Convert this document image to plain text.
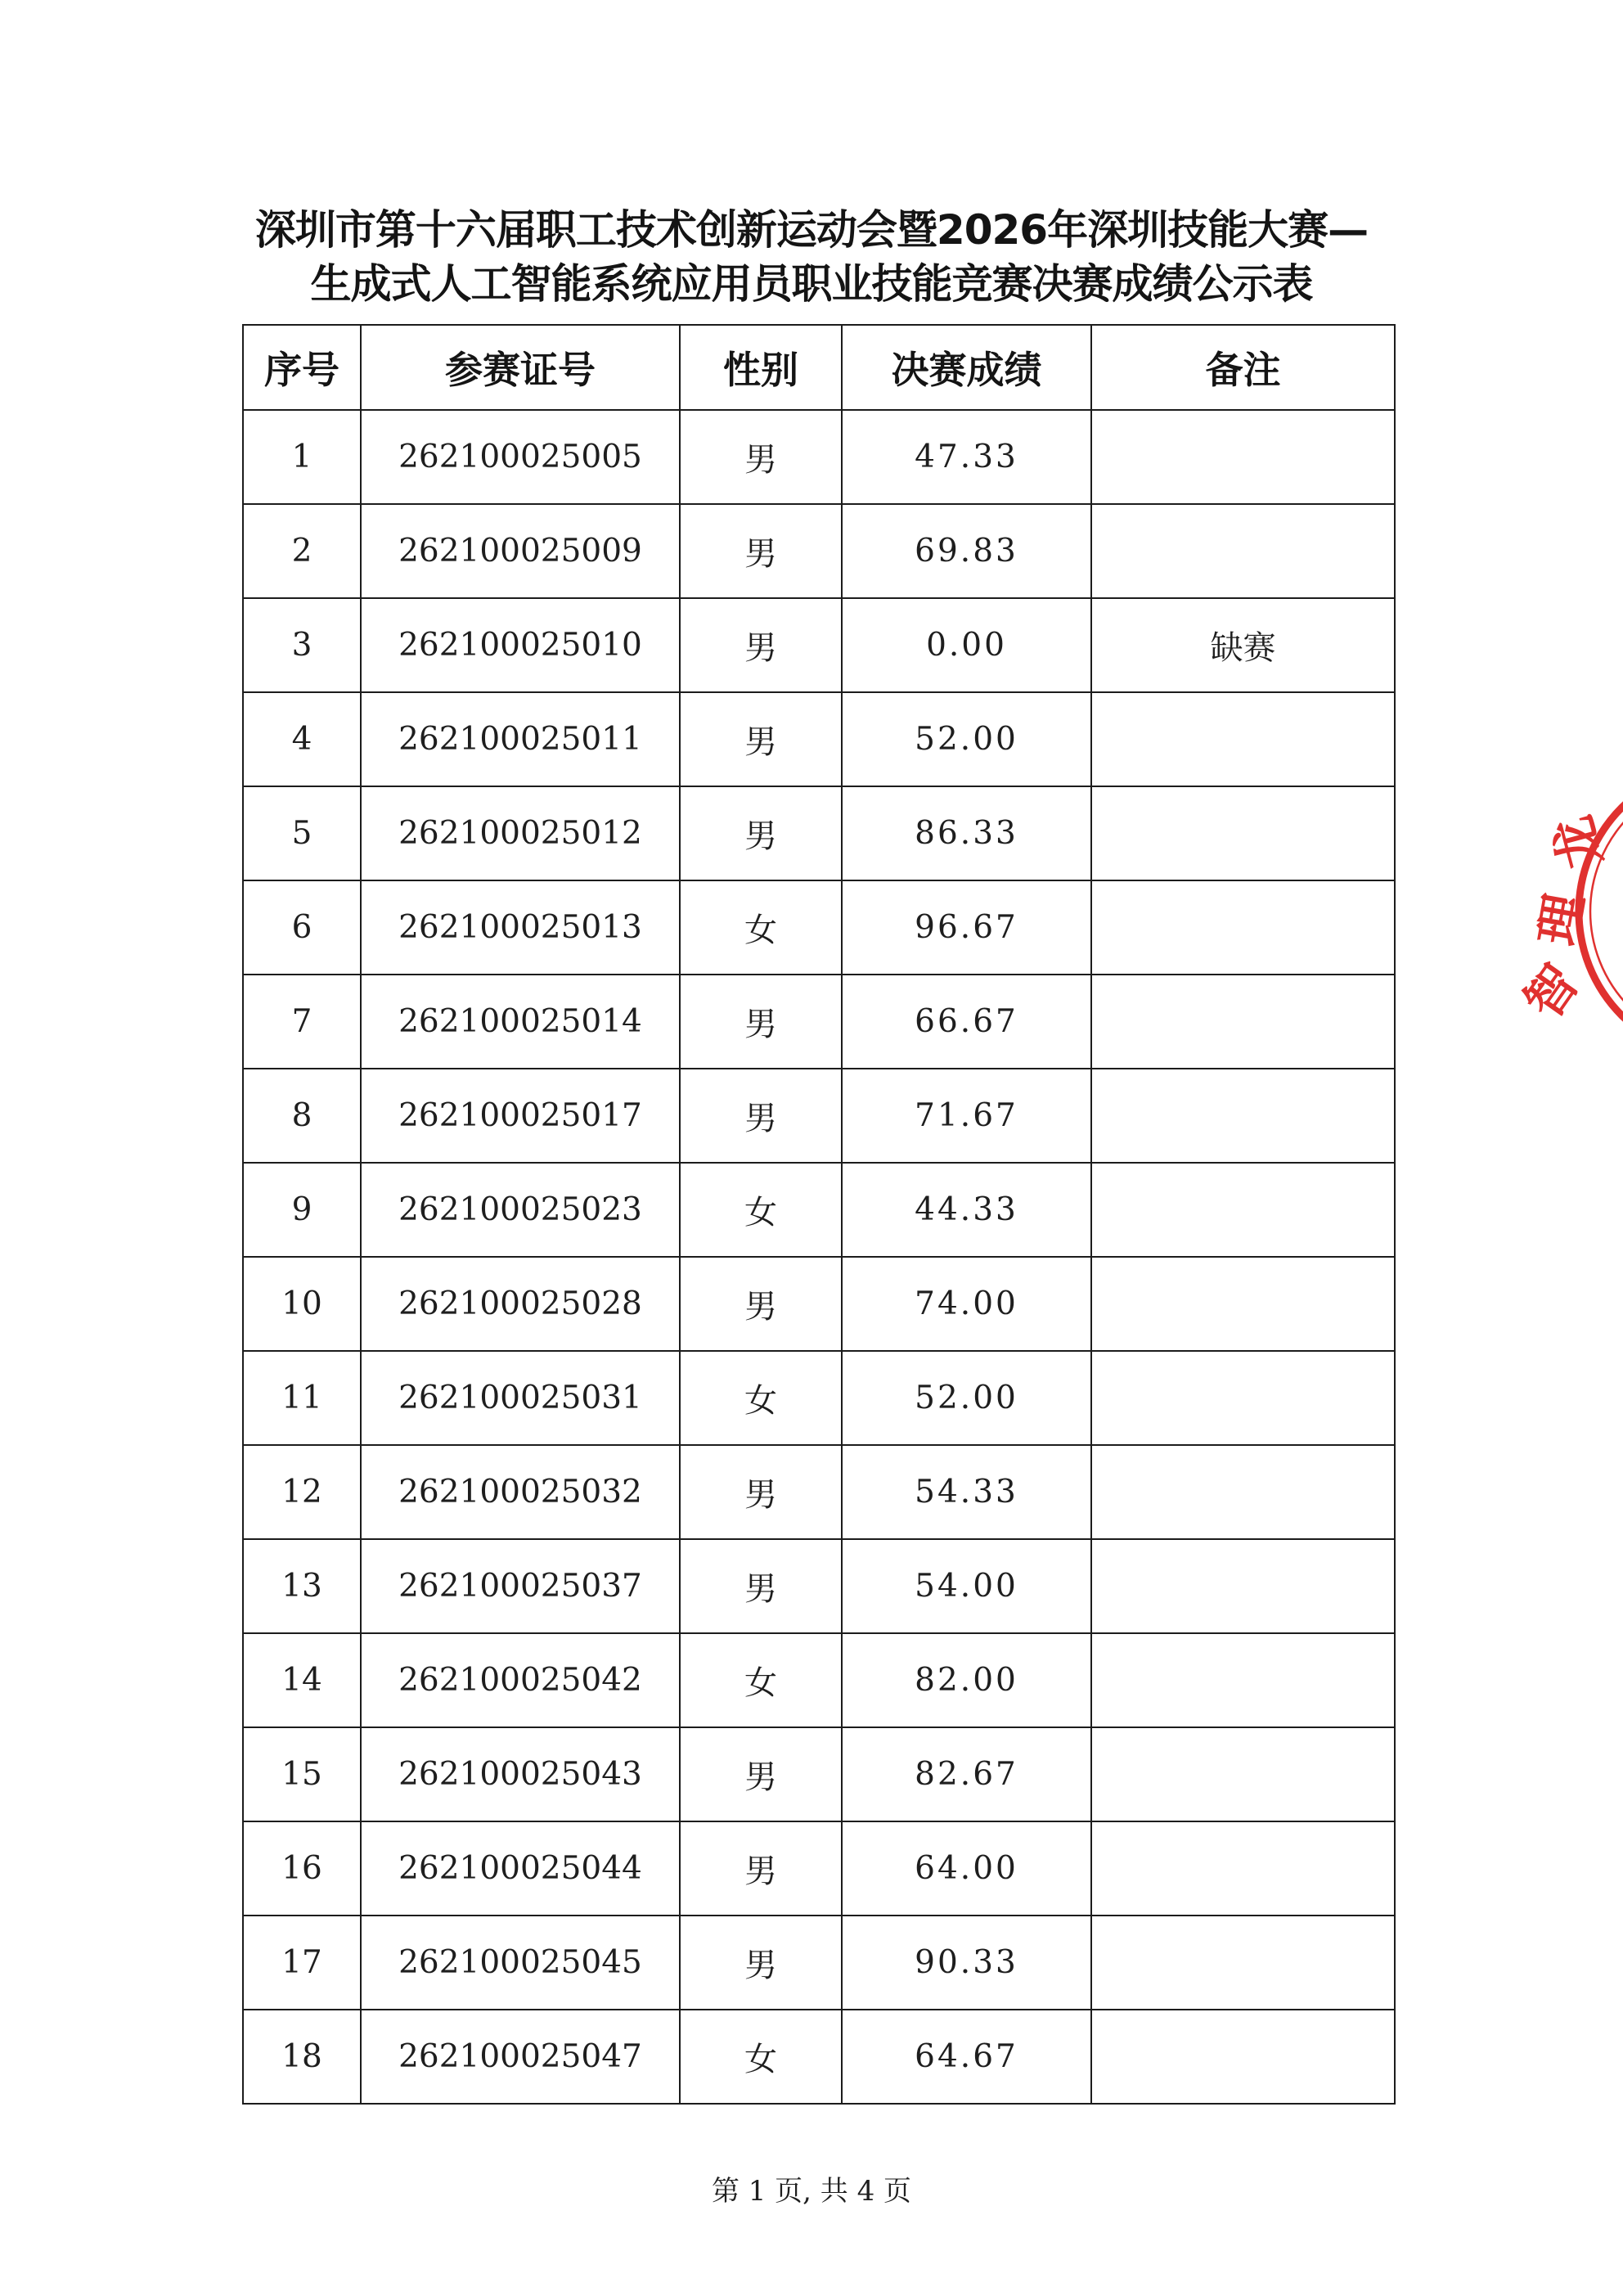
深圳市第十六届职工技术创新运动会暨2026年深圳技能大赛—
生成式人工智能系统应用员职业技能竞赛决赛成绩公示表
序号	参赛证号	性别	决赛成绩	备注
1	262100025005	男	47.33	
2	262100025009	男	69.83	
3	262100025010	男	0.00	缺赛
4	262100025011	男	52.00	
5	262100025012	男	86.33	
6	262100025013	女	96.67	
7	262100025014	男	66.67	
8	262100025017	男	71.67	
9	262100025023	女	44.33	
10	262100025028	男	74.00	
11	262100025031	女	52.00	
12	262100025032	男	54.33	
13	262100025037	男	54.00	
14	262100025042	女	82.00	
15	262100025043	男	82.67	
16	262100025044	男	64.00	
17	262100025045	男	90.33	
18	262100025047	女	64.67	
第 1 页, 共 4 页
智
理
龙
